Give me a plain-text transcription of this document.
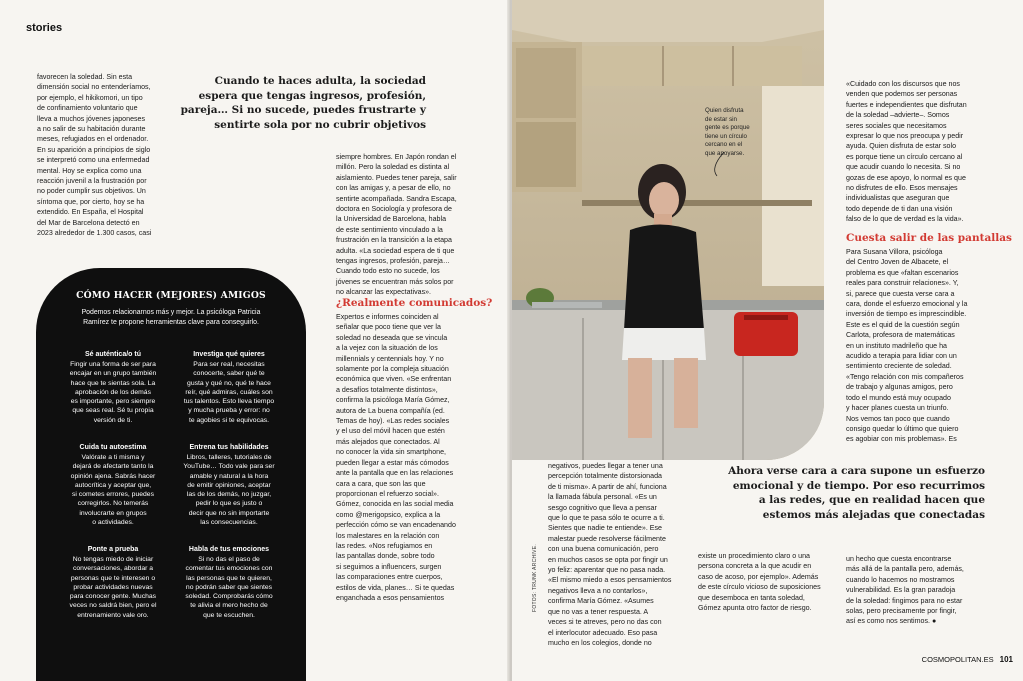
stories
favorecen la soledad. Sin esta
dimensión social no entenderíamos,
por ejemplo, el hikikomori, un tipo
de confinamiento voluntario que
lleva a muchos jóvenes japoneses
a no salir de su habitación durante
meses, refugiados en el ordenador.
En su aparición a principios de siglo
se interpretó como una enfermedad
mental. Hoy se explica como una
reacción juvenil a la frustración por
no poder cumplir sus objetivos. Un
síntoma que, por cierto, hoy se ha
extendido. En España, el Hospital
del Mar de Barcelona detectó en
2023 alrededor de 1.300 casos, casi
Cuando te haces adulta, la sociedad
espera que tengas ingresos, profesión,
pareja… Si no sucede, puedes frustrarte y
sentirte sola por no cubrir objetivos
siempre hombres. En Japón rondan el
millón. Pero la soledad es distinta al
aislamiento. Puedes tener pareja, salir
con las amigas y, a pesar de ello, no
sentirte acompañada. Sandra Escapa,
doctora en Sociología y profesora de
la Universidad de Barcelona, habla
de este sentimiento vinculado a la
frustración en la transición a la etapa
adulta. «La sociedad espera de ti que
tengas ingresos, profesión, pareja…
Cuando todo esto no sucede, los
jóvenes se encuentran más solos por
no alcanzar las expectativas».
¿Realmente comunicados?
Expertos e informes coinciden al
señalar que poco tiene que ver la
soledad no deseada que se vincula
a la vejez con la situación de los
millennials y centennials hoy. Y no
solamente por la compleja situación
económica que viven. «Se enfrentan
a desafíos totalmente distintos»,
confirma la psicóloga María Gómez,
autora de La buena compañía (ed.
Temas de hoy). «Las redes sociales
y el uso del móvil hacen que estén
más alejados que conectados. Al
no conocer la vida sin smartphone,
pueden llegar a estar más cómodos
ante la pantalla que en las relaciones
cara a cara, que son las que
proporcionan el refuerzo social».
Gómez, conocida en las social media
como @merigopsico, explica a la
perfección cómo se van encadenando
los malestares en la relación con
las redes. «Nos refugiamos en
las pantallas donde, sobre todo
si seguimos a influencers, surgen
las comparaciones entre cuerpos,
estilos de vida, planes… Si te quedas
enganchada a esos pensamientos
CÓMO HACER (MEJORES) AMIGOS
Podemos relacionarnos más y mejor. La psicóloga Patricia
Ramírez te propone herramientas clave para conseguirlo.
Sé auténtica/o tú
Fingir una forma de ser para
encajar en un grupo también
hace que te sientas sola. La
aprobación de los demás
es importante, pero siempre
que seas real. Sé tu propia
versión de ti.
Investiga qué quieres
Para ser real, necesitas
conocerte, saber qué te
gusta y qué no, qué te hace
reír, qué admiras, cuáles son
tus talentos. Esto lleva tiempo
y mucha prueba y error: no
te agobies si te equivocas.
Cuida tu autoestima
Valórate a ti misma y
dejará de afectarte tanto la
opinión ajena. Sabrás hacer
autocrítica y aceptar que,
si cometes errores, puedes
corregirlos. No temerás
involucrarte en grupos
o actividades.
Entrena tus habilidades
Libros, talleres, tutoriales de
YouTube… Todo vale para ser
amable y natural a la hora
de emitir opiniones, aceptar
las de los demás, no juzgar,
pedir lo que es justo o
decir que no sin importarte
las consecuencias.
Ponte a prueba
No tengas miedo de iniciar
conversaciones, abordar a
personas que te interesen o
probar actividades nuevas
para conocer gente. Muchas
veces no saldrá bien, pero el
entrenamiento vale oro.
Habla de tus emociones
Si no das el paso de
comentar tus emociones con
las personas que te quieren,
no podrán saber que sientes
soledad. Comprobarás cómo
te alivia el mero hecho de
que te escuchen.
Quien disfruta
de estar sin
gente es porque
tiene un círculo
cercano en el
que apoyarse.
«Cuidado con los discursos que nos
venden que podemos ser personas
fuertes e independientes que disfrutan
de la soledad –advierte–. Somos
seres sociales que necesitamos
expresar lo que nos preocupa y pedir
ayuda. Quien disfruta de estar solo
es porque tiene un círculo cercano al
que acudir cuando lo necesita. Si no
gozas de ese apoyo, lo normal es que
no disfrutes de ello. Esos mensajes
individualistas que aseguran que
todo depende de ti dan una visión
falso de lo que de verdad es la vida».
Cuesta salir de las pantallas
Para Susana Villora, psicóloga
del Centro Joven de Albacete, el
problema es que «faltan escenarios
reales para construir relaciones». Y,
si, parece que cuesta verse cara a
cara, donde el esfuerzo emocional y la
inversión de tiempo es imprescindible.
Este es el quid de la cuestión según
Carlota, profesora de matemáticas
en un instituto madrileño que ha
acudido a terapia para lidiar con un
sentimiento creciente de soledad.
«Tengo relación con mis compañeros
de trabajo y algunas amigos, pero
todo el mundo está muy ocupado
y hacer planes cuesta un triunfo.
Nos vemos tan poco que cuando
consigo quedar lo último que quiero
es agobiar con mis problemas». Es
Ahora verse cara a cara supone un esfuerzo
emocional y de tiempo. Por eso recurrimos
a las redes, que en realidad hacen que
estemos más alejadas que conectadas
negativos, puedes llegar a tener una
percepción totalmente distorsionada
de ti misma». A partir de ahí, funciona
la llamada fábula personal. «Es un
sesgo cognitivo que lleva a pensar
que lo que te pasa sólo te ocurre a ti.
Sientes que nadie te entiende». Ese
malestar puede resolverse fácilmente
con una buena comunicación, pero
en muchos casos se opta por fingir un
yo feliz: aparentar que no pasa nada.
«El mismo miedo a esos pensamientos
negativos lleva a no contarlos»,
confirma María Gómez. «Asumes
que no vas a tener respuesta. A
veces si te atreves, pero no das con
el interlocutor adecuado. Eso pasa
mucho en los colegios, donde no
existe un procedimiento claro o una
persona concreta a la que acudir en
caso de acoso, por ejemplo». Además
de este círculo vicioso de suposiciones
que desemboca en tanta soledad,
Gómez apunta otro factor de riesgo.
un hecho que cuesta encontrarse
más allá de la pantalla pero, además,
cuando lo hacemos no mostramos
vulnerabilidad. Es la gran paradoja
de la soledad: fingimos para no estar
solas, pero precisamente por fingir,
así es como nos sentimos. ●
COSMOPOLITAN.ES 101
FOTOS: TRUNK ARCHIVE.
